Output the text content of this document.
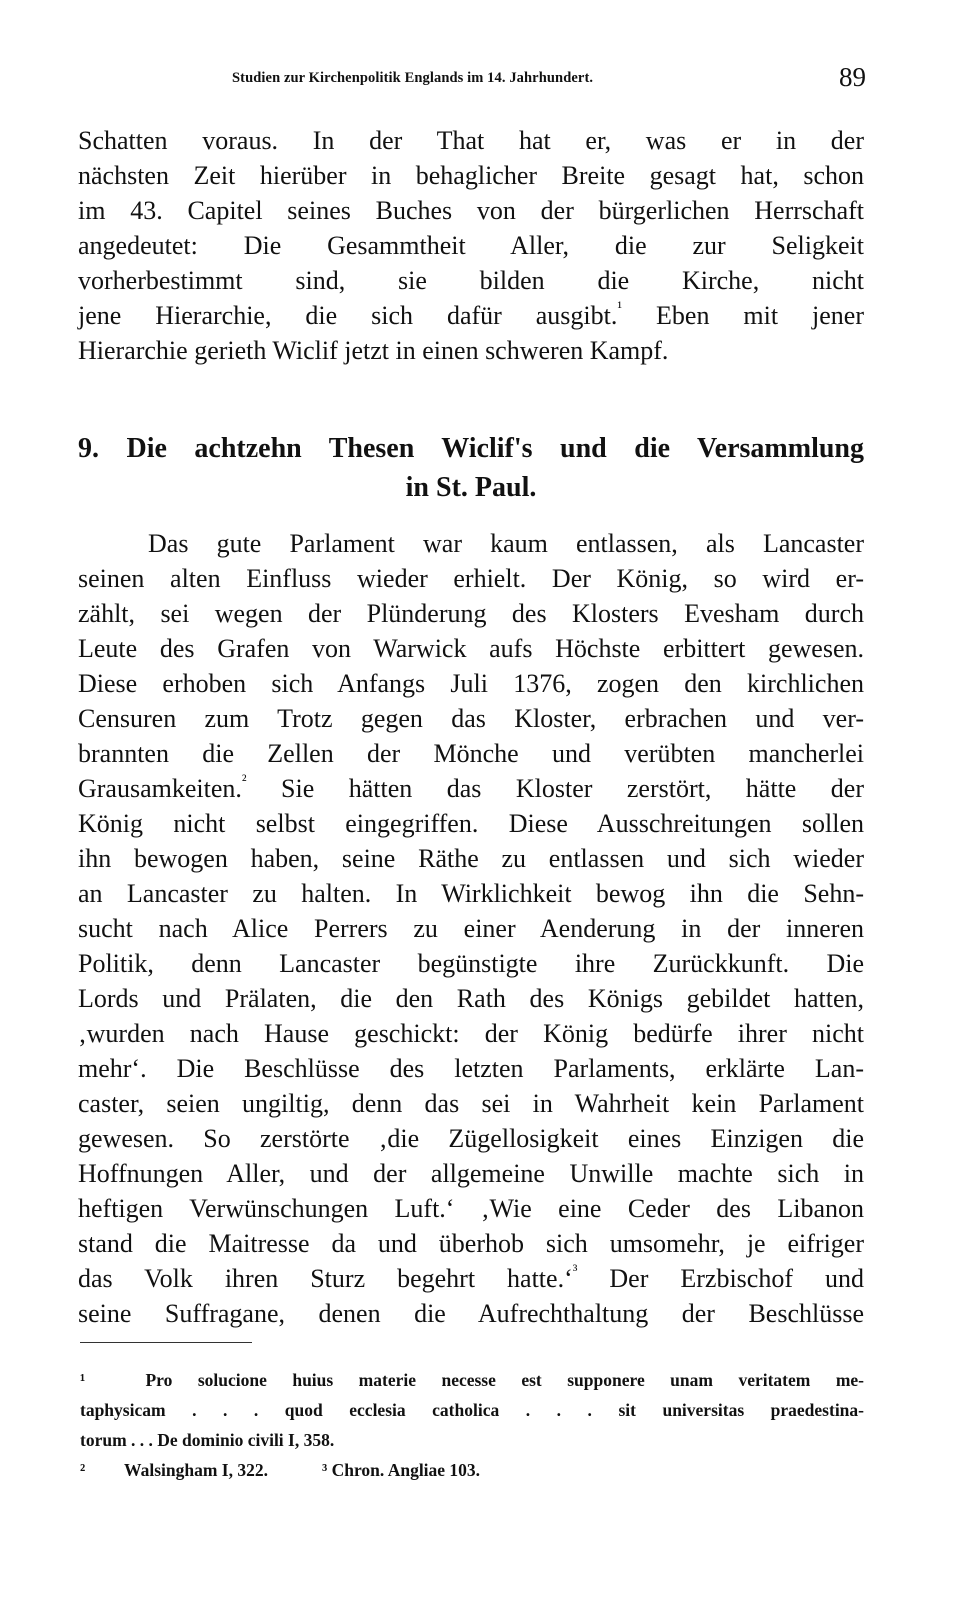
Studien zur Kirchenpolitik Englands im 14. Jahrhundert.	89
Schatten voraus. In der That hat er, was er in der
nächsten Zeit hierüber in behaglicher Breite gesagt hat, schon
im 43. Capitel seines Buches von der bürgerlichen Herrschaft
angedeutet: Die Gesammtheit Aller, die zur Seligkeit
vorherbestimmt sind, sie bilden die Kirche, nicht
jene Hierarchie, die sich dafür ausgibt.$^{^1}$ Eben mit jener
Hierarchie gerieth Wiclif jetzt in einen schweren Kampf.
9. Die achtzehn Thesen Wiclif's und die Versammlung
in St. Paul.
Das gute Parlament war kaum entlassen, als Lancaster
seinen alten Einfluss wieder erhielt. Der König, so wird er-
zählt, sei wegen der Plünderung des Klosters Evesham durch
Leute des Grafen von Warwick aufs Höchste erbittert gewesen.
Diese erhoben sich Anfangs Juli 1376, zogen den kirchlichen
Censuren zum Trotz gegen das Kloster, erbrachen und ver-
brannten die Zellen der Mönche und verübten mancherlei
Grausamkeiten.$^{^2}$ Sie hätten das Kloster zerstört, hätte der
König nicht selbst eingegriffen. Diese Ausschreitungen sollen
ihn bewogen haben, seine Räthe zu entlassen und sich wieder
an Lancaster zu halten. In Wirklichkeit bewog ihn die Sehn-
sucht nach Alice Perrers zu einer Aenderung in der inneren
Politik, denn Lancaster begünstigte ihre Zurückkunft. Die
Lords und Prälaten, die den Rath des Königs gebildet hatten,
‚wurden nach Hause geschickt: der König bedürfe ihrer nicht
mehr‘. Die Beschlüsse des letzten Parlaments, erklärte Lan-
caster, seien ungiltig, denn das sei in Wahrheit kein Parlament
gewesen. So zerstörte ‚die Zügellosigkeit eines Einzigen die
Hoffnungen Aller, und der allgemeine Unwille machte sich in
heftigen Verwünschungen Luft.‘ ‚Wie eine Ceder des Libanon
stand die Maitresse da und überhob sich umsomehr, je eifriger
das Volk ihren Sturz begehrt hatte.‘$^{^3}$ Der Erzbischof und
seine Suffragane, denen die Aufrechthaltung der Beschlüsse
¹ Pro solucione huius materie necesse est supponere unam veritatem me-
taphysicam . . . quod ecclesia catholica . . . sit universitas praedestina-
torum . . . De dominio civili I, 358.
² Walsingham I, 322.	³ Chron. Angliae 103.
